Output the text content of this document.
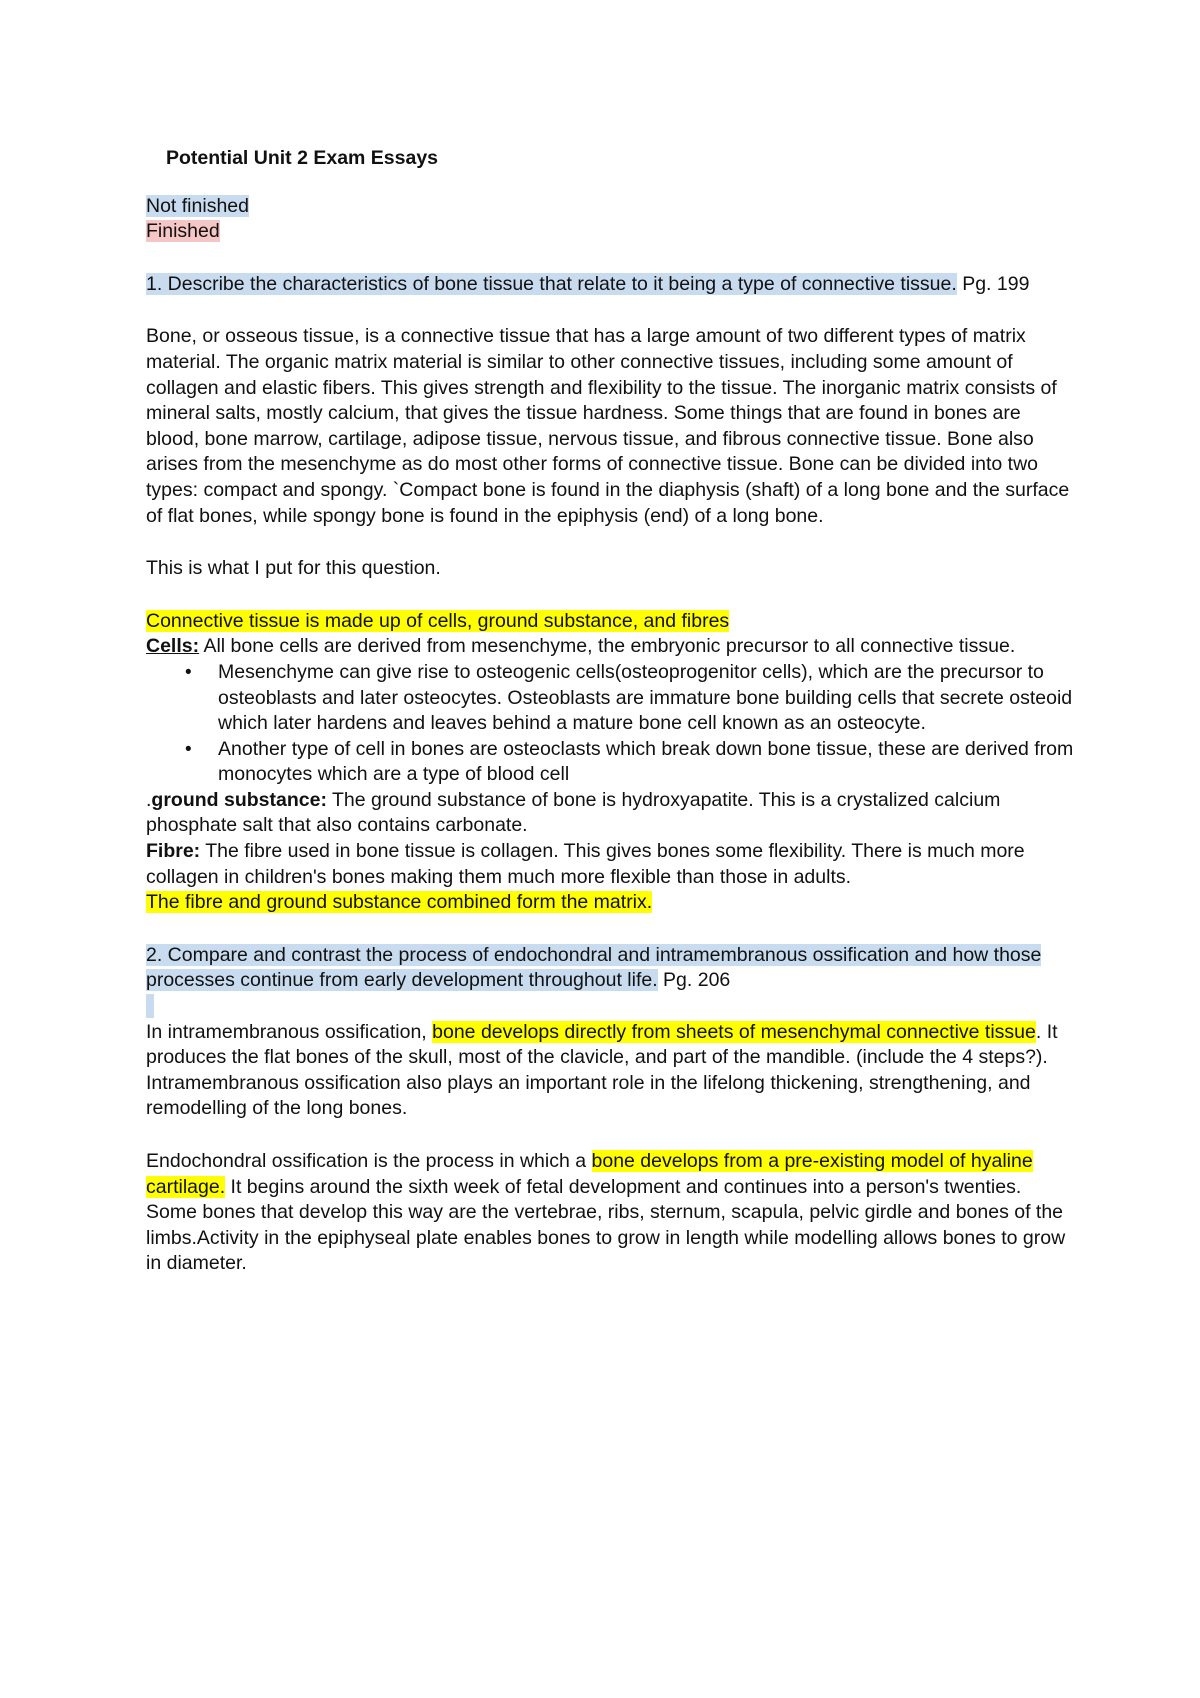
Potential Unit 2 Exam Essays

Not finished

Finished

1. Describe the characteristics of bone tissue that relate to it being a type of connective tissue. Pg. 199

Bone, or osseous tissue, is a connective tissue that has a large amount of two different types of matrix material. The organic matrix material is similar to other connective tissues, including some amount of collagen and elastic fibers. This gives strength and flexibility to the tissue. The inorganic matrix consists of mineral salts, mostly calcium, that gives the tissue hardness. Some things that are found in bones are blood, bone marrow, cartilage, adipose tissue, nervous tissue, and fibrous connective tissue. Bone also arises from the mesenchyme as do most other forms of connective tissue. Bone can be divided into two types: compact and spongy. `Compact bone is found in the diaphysis (shaft) of a long bone and the surface of flat bones, while spongy bone is found in the epiphysis (end) of a long bone.

This is what I put for this question.

Connective tissue is made up of cells, ground substance, and fibres

Cells: All bone cells are derived from mesenchyme, the embryonic precursor to all connective tissue.

• Mesenchyme can give rise to osteogenic cells(osteoprogenitor cells), which are the precursor to osteoblasts and later osteocytes. Osteoblasts are immature bone building cells that secrete osteoid which later hardens and leaves behind a mature bone cell known as an osteocyte.
• Another type of cell in bones are osteoclasts which break down bone tissue, these are derived from monocytes which are a type of blood cell

.ground substance: The ground substance of bone is hydroxyapatite. This is a crystalized calcium phosphate salt that also contains carbonate.

Fibre: The fibre used in bone tissue is collagen. This gives bones some flexibility. There is much more collagen in children's bones making them much more flexible than those in adults.

The fibre and ground substance combined form the matrix.

2. Compare and contrast the process of endochondral and intramembranous ossification and how those processes continue from early development throughout life. Pg. 206

In intramembranous ossification, bone develops directly from sheets of mesenchymal connective tissue. It produces the flat bones of the skull, most of the clavicle, and part of the mandible. (include the 4 steps?). Intramembranous ossification also plays an important role in the lifelong thickening, strengthening, and remodelling of the long bones.

Endochondral ossification is the process in which a bone develops from a pre-existing model of hyaline cartilage. It begins around the sixth week of fetal development and continues into a person's twenties. Some bones that develop this way are the vertebrae, ribs, sternum, scapula, pelvic girdle and bones of the limbs.Activity in the epiphyseal plate enables bones to grow in length while modelling allows bones to grow in diameter.
